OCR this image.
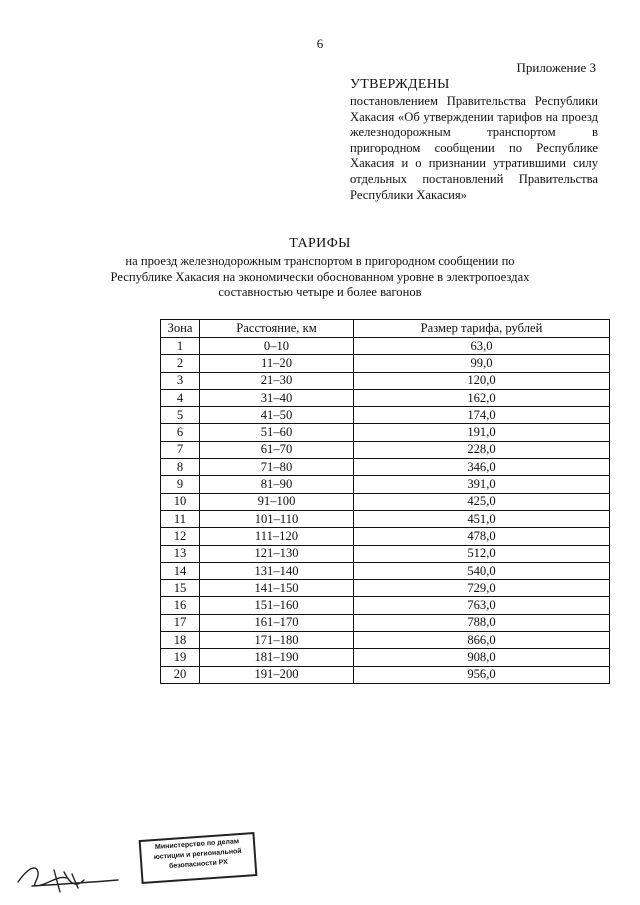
6
Приложение 3
УТВЕРЖДЕНЫ
постановлением Правительства Республики Хакасия «Об утверждении тарифов на проезд железнодорожным транспортом в пригородном сообщении по Республике Хакасия и о признании утратившими силу отдельных постановлений Правительства Республики Хакасия»
ТАРИФЫ
на проезд железнодорожным транспортом в пригородном сообщении по Республике Хакасия на экономически обоснованном уровне в электропоездах составностью четыре и более вагонов
Зона	Расстояние, км	Размер тарифа, рублей
1	0–10	63,0
2	11–20	99,0
3	21–30	120,0
4	31–40	162,0
5	41–50	174,0
6	51–60	191,0
7	61–70	228,0
8	71–80	346,0
9	81–90	391,0
10	91–100	425,0
11	101–110	451,0
12	111–120	478,0
13	121–130	512,0
14	131–140	540,0
15	141–150	729,0
16	151–160	763,0
17	161–170	788,0
18	171–180	866,0
19	181–190	908,0
20	191–200	956,0
Министерство по делам
юстиции и региональной
безопасности РХ
